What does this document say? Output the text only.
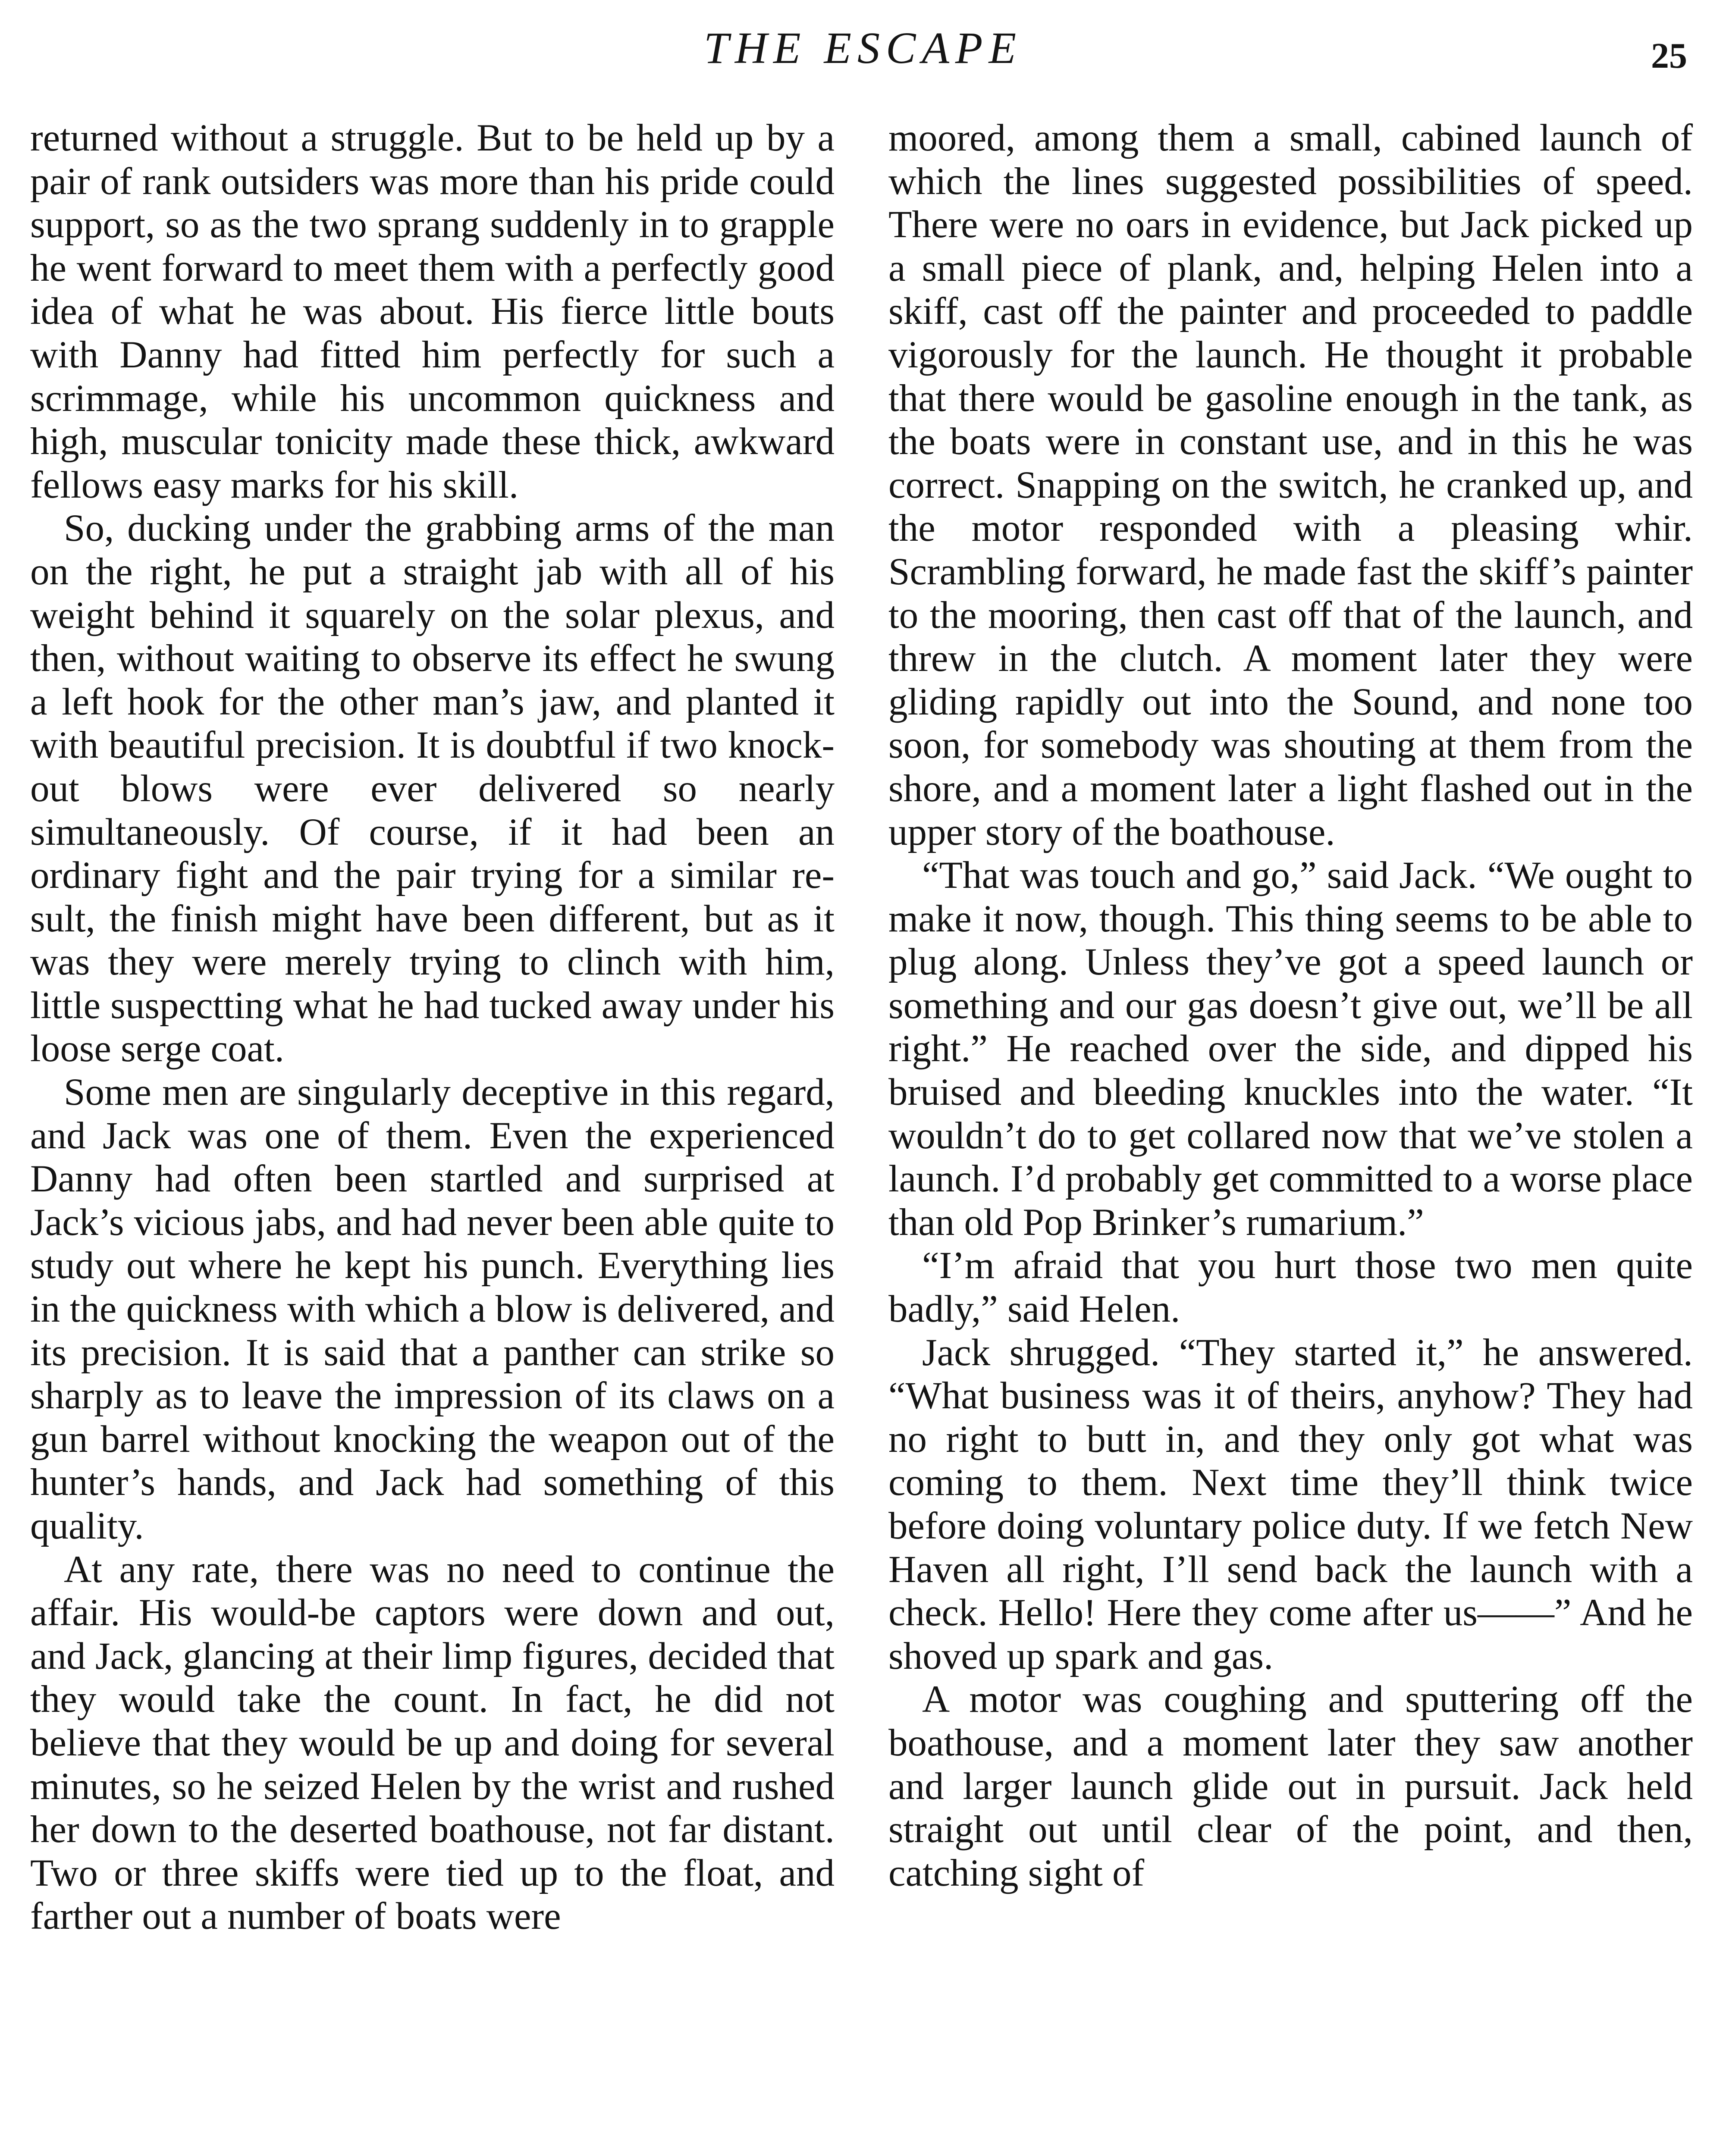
THE ESCAPE	25

returned without a struggle. But to be held up by a pair of rank outsiders was more than his pride could support, so as the two sprang suddenly in to grapple he went forward to meet them with a perfectly good idea of what he was about. His fierce little bouts with Danny had fitted him perfectly for such a scrimmage, while his uncommon quickness and high, muscular tonicity made these thick, awkward fellows easy marks for his skill.

So, ducking under the grabbing arms of the man on the right, he put a straight jab with all of his weight behind it squarely on the solar plexus, and then, without waiting to observe its effect he swung a left hook for the other man’s jaw, and planted it with beautiful precision. It is doubtful if two knock-out blows were ever delivered so nearly simultaneously. Of course, if it had been an ordinary fight and the pair trying for a similar result, the finish might have been different, but as it was they were merely trying to clinch with him, little suspectting what he had tucked away under his loose serge coat.

Some men are singularly deceptive in this regard, and Jack was one of them. Even the experienced Danny had often been startled and surprised at Jack’s vicious jabs, and had never been able quite to study out where he kept his punch. Everything lies in the quickness with which a blow is delivered, and its precision. It is said that a panther can strike so sharply as to leave the impression of its claws on a gun barrel without knocking the weapon out of the hunter’s hands, and Jack had something of this quality.

At any rate, there was no need to continue the affair. His would-be captors were down and out, and Jack, glancing at their limp figures, decided that they would take the count. In fact, he did not believe that they would be up and doing for several minutes, so he seized Helen by the wrist and rushed her down to the deserted boathouse, not far distant. Two or three skiffs were tied up to the float, and farther out a number of boats were

moored, among them a small, cabined launch of which the lines suggested possibilities of speed. There were no oars in evidence, but Jack picked up a small piece of plank, and, helping Helen into a skiff, cast off the painter and proceeded to paddle vigorously for the launch. He thought it probable that there would be gasoline enough in the tank, as the boats were in constant use, and in this he was correct. Snapping on the switch, he cranked up, and the motor responded with a pleasing whir. Scrambling forward, he made fast the skiff’s painter to the mooring, then cast off that of the launch, and threw in the clutch. A moment later they were gliding rapidly out into the Sound, and none too soon, for somebody was shouting at them from the shore, and a moment later a light flashed out in the upper story of the boathouse.

“That was touch and go,” said Jack. “We ought to make it now, though. This thing seems to be able to plug along. Unless they’ve got a speed launch or something and our gas doesn’t give out, we’ll be all right.” He reached over the side, and dipped his bruised and bleeding knuckles into the water. “It wouldn’t do to get collared now that we’ve stolen a launch. I’d probably get committed to a worse place than old Pop Brinker’s rumarium.”

“I’m afraid that you hurt those two men quite badly,” said Helen.

Jack shrugged. “They started it,” he answered. “What business was it of theirs, anyhow? They had no right to butt in, and they only got what was coming to them. Next time they’ll think twice before doing voluntary police duty. If we fetch New Haven all right, I’ll send back the launch with a check. Hello! Here they come after us——” And he shoved up spark and gas.

A motor was coughing and sputtering off the boathouse, and a moment later they saw another and larger launch glide out in pursuit. Jack held straight out until clear of the point, and then, catching sight of
